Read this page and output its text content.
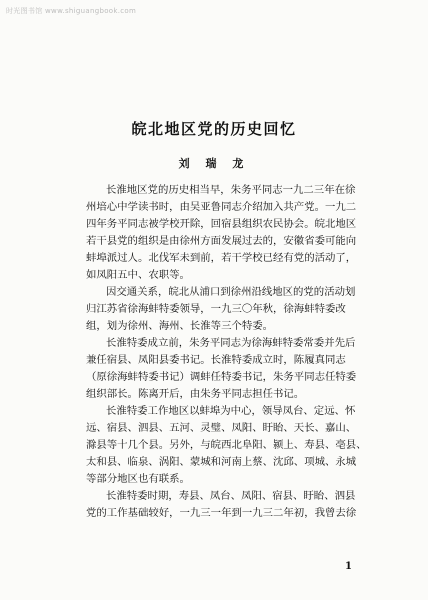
时光图书馆 www.shiguangbook.com
皖北地区党的历史回忆
刘 瑞 龙
长淮地区党的历史相当早，朱务平同志一九二三年在徐
州培心中学读书时，由吴亚鲁同志介绍加入共产党。一九二
四年务平同志被学校开除，回宿县组织农民协会。皖北地区
若干县党的组织是由徐州方面发展过去的，安徽省委可能向
蚌埠派过人。北伐军未到前，若干学校已经有党的活动了，
如凤阳五中、农职等。
因交通关系，皖北从浦口到徐州沿线地区的党的活动划
归江苏省徐海蚌特委领导，一九三〇年秋，徐海蚌特委改
组，划为徐州、海州、长淮等三个特委。
长淮特委成立前，朱务平同志为徐海蚌特委常委并先后
兼任宿县、凤阳县委书记。长淮特委成立时，陈履真同志
（原徐海蚌特委书记）调蚌任特委书记，朱务平同志任特委
组织部长。陈离开后，由朱务平同志担任书记。
长淮特委工作地区以蚌埠为中心，领导凤台、定远、怀
远、宿县、泗县、五河、灵璧、凤阳、盱眙、天长、嘉山、
滁县等十几个县。另外，与皖西北阜阳、颍上、寿县、亳县、
太和县、临泉、涡阳、蒙城和河南上蔡、沈邱、项城、永城
等部分地区也有联系。
长淮特委时期，寿县、凤台、凤阳、宿县、盱眙、泗县
党的工作基础较好，一九三一年到一九三二年初，我曾去徐
1
